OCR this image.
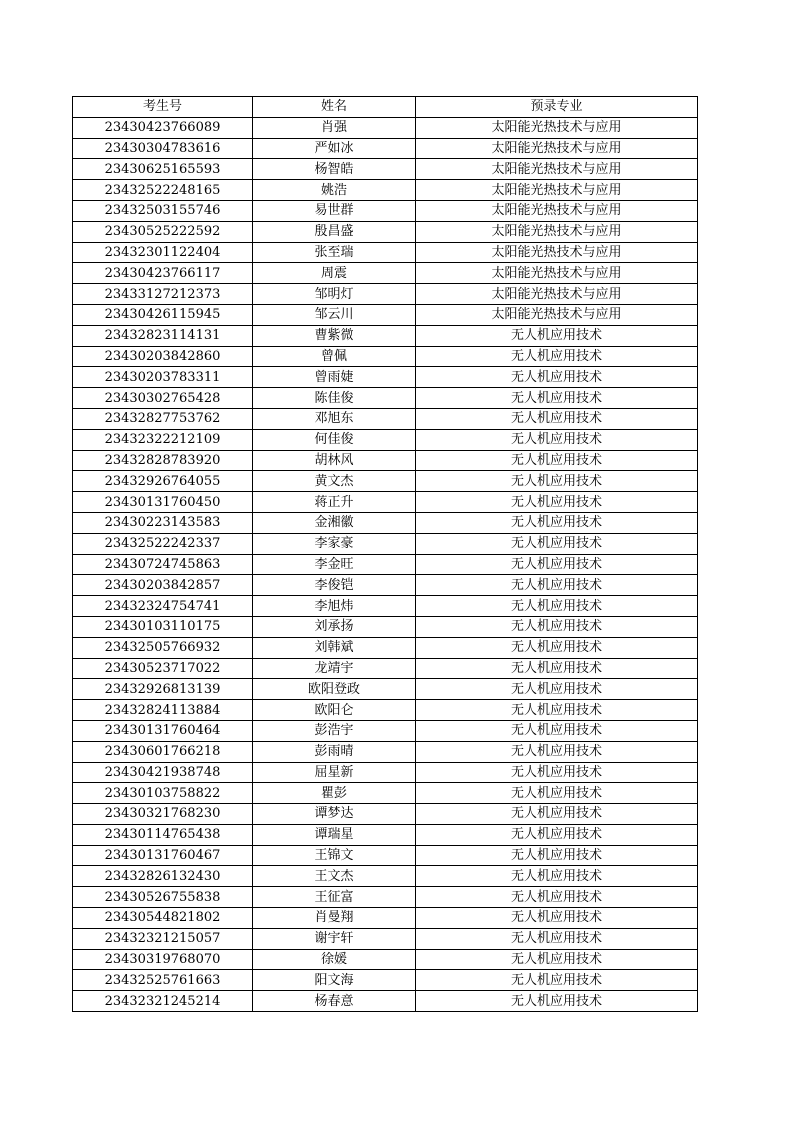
考生号	姓名	预录专业
23430423766089	肖强	太阳能光热技术与应用
23430304783616	严如冰	太阳能光热技术与应用
23430625165593	杨智皓	太阳能光热技术与应用
23432522248165	姚浩	太阳能光热技术与应用
23432503155746	易世群	太阳能光热技术与应用
23430525222592	殷昌盛	太阳能光热技术与应用
23432301122404	张至瑞	太阳能光热技术与应用
23430423766117	周震	太阳能光热技术与应用
23433127212373	邹明灯	太阳能光热技术与应用
23430426115945	邹云川	太阳能光热技术与应用
23432823114131	曹紫微	无人机应用技术
23430203842860	曾佩	无人机应用技术
23430203783311	曾雨婕	无人机应用技术
23430302765428	陈佳俊	无人机应用技术
23432827753762	邓旭东	无人机应用技术
23432322212109	何佳俊	无人机应用技术
23432828783920	胡林风	无人机应用技术
23432926764055	黄文杰	无人机应用技术
23430131760450	蒋正升	无人机应用技术
23430223143583	金湘徽	无人机应用技术
23432522242337	李家豪	无人机应用技术
23430724745863	李金旺	无人机应用技术
23430203842857	李俊铠	无人机应用技术
23432324754741	李旭炜	无人机应用技术
23430103110175	刘承扬	无人机应用技术
23432505766932	刘韩斌	无人机应用技术
23430523717022	龙靖宇	无人机应用技术
23432926813139	欧阳登政	无人机应用技术
23432824113884	欧阳仑	无人机应用技术
23430131760464	彭浩宇	无人机应用技术
23430601766218	彭雨晴	无人机应用技术
23430421938748	屈星新	无人机应用技术
23430103758822	瞿彭	无人机应用技术
23430321768230	谭梦达	无人机应用技术
23430114765438	谭瑞星	无人机应用技术
23430131760467	王锦文	无人机应用技术
23432826132430	王文杰	无人机应用技术
23430526755838	王征富	无人机应用技术
23430544821802	肖曼翔	无人机应用技术
23432321215057	谢宇轩	无人机应用技术
23430319768070	徐媛	无人机应用技术
23432525761663	阳文海	无人机应用技术
23432321245214	杨春意	无人机应用技术
